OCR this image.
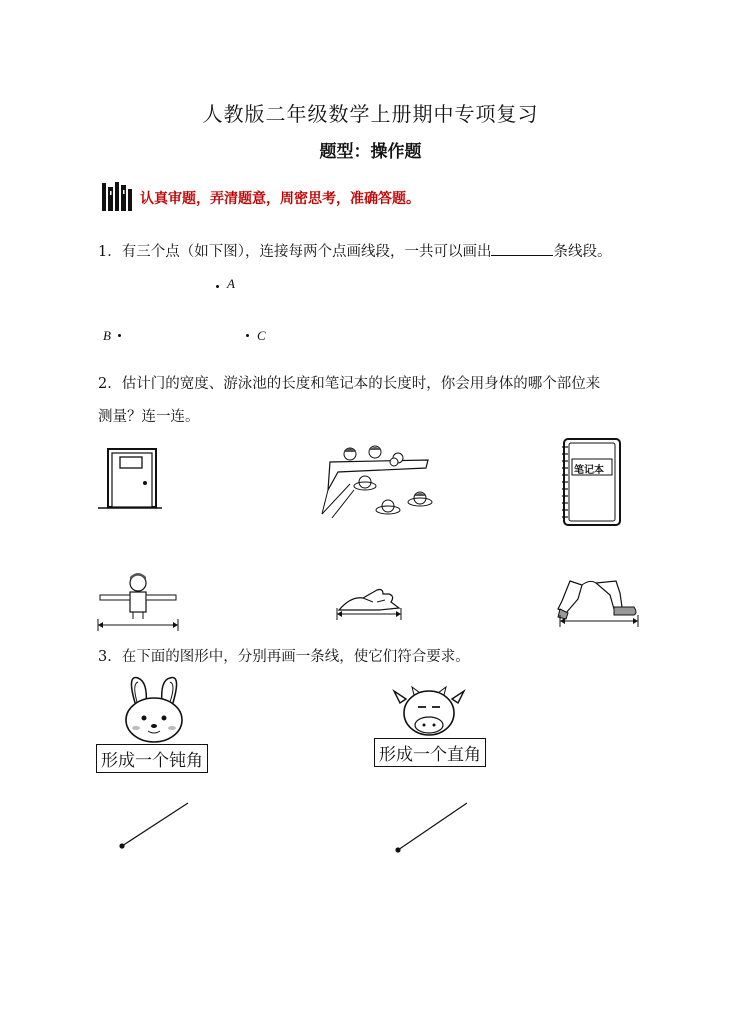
人教版二年级数学上册期中专项复习
题型：操作题
认真审题，弄清题意，周密思考，准确答题。
1．有三个点（如下图），连接每两个点画线段，一共可以画出	条线段。
A
B	C
2．估计门的宽度、游泳池的长度和笔记本的长度时，你会用身体的哪个部位来
测量？连一连。
笔记本
3．在下面的图形中，分别再画一条线，使它们符合要求。
形成一个钝角	形成一个直角
